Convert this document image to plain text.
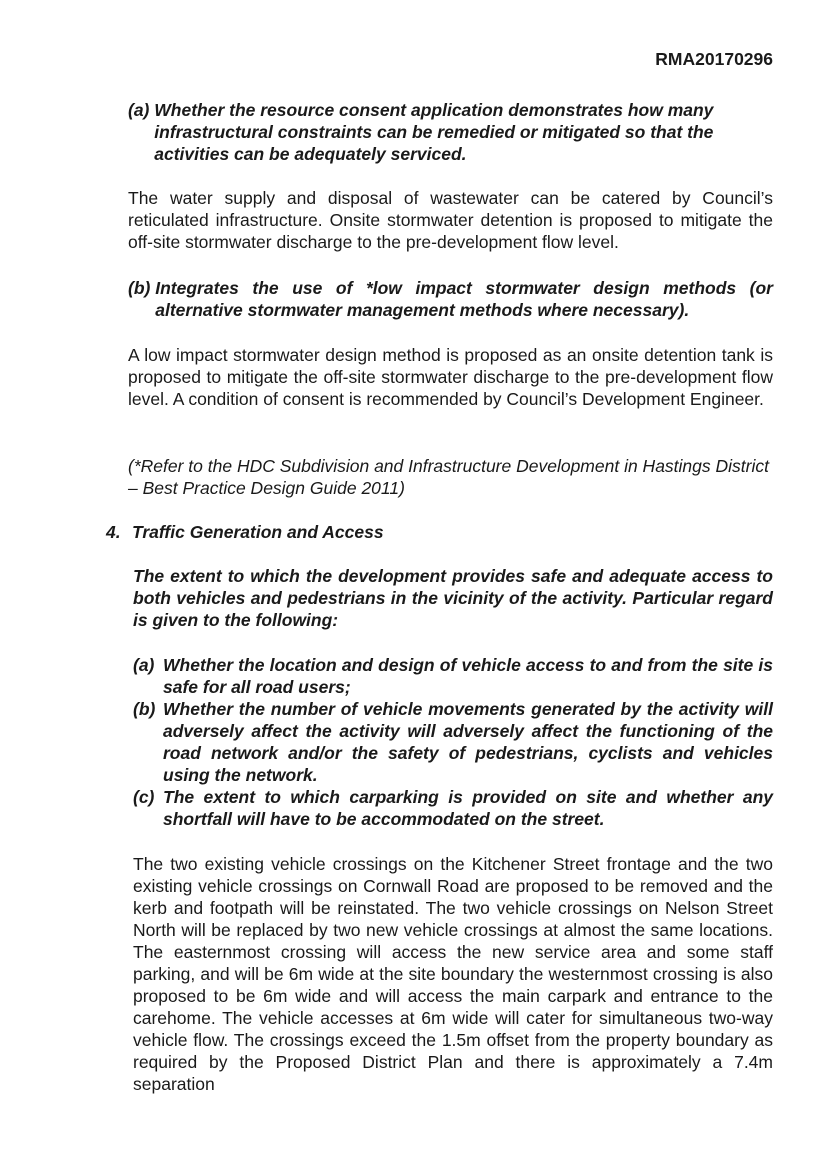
RMA20170296
(a)
Whether the resource consent application demonstrates how many infrastructural constraints can be remedied or mitigated so that the activities can be adequately serviced.
The water supply and disposal of wastewater can be catered by Council’s reticulated infrastructure. Onsite stormwater detention is proposed to mitigate the off-site stormwater discharge to the pre-development flow level.
(b)
Integrates the use of *low impact stormwater design methods (or alternative stormwater management methods where necessary).
A low impact stormwater design method is proposed as an onsite detention tank is proposed to mitigate the off-site stormwater discharge to the pre-development flow level. A condition of consent is recommended by Council’s Development Engineer.
(*Refer to the HDC Subdivision and Infrastructure Development in Hastings District – Best Practice Design Guide 2011)
4. Traffic Generation and Access
The extent to which the development provides safe and adequate access to both vehicles and pedestrians in the vicinity of the activity. Particular regard is given to the following:
(a) Whether the location and design of vehicle access to and from the site is safe for all road users;
(b) Whether the number of vehicle movements generated by the activity will adversely affect the activity will adversely affect the functioning of the road network and/or the safety of pedestrians, cyclists and vehicles using the network.
(c) The extent to which carparking is provided on site and whether any shortfall will have to be accommodated on the street.
The two existing vehicle crossings on the Kitchener Street frontage and the two existing vehicle crossings on Cornwall Road are proposed to be removed and the kerb and footpath will be reinstated. The two vehicle crossings on Nelson Street North will be replaced by two new vehicle crossings at almost the same locations. The easternmost crossing will access the new service area and some staff parking, and will be 6m wide at the site boundary the westernmost crossing is also proposed to be 6m wide and will access the main carpark and entrance to the carehome. The vehicle accesses at 6m wide will cater for simultaneous two-way vehicle flow. The crossings exceed the 1.5m offset from the property boundary as required by the Proposed District Plan and there is approximately a 7.4m separation
